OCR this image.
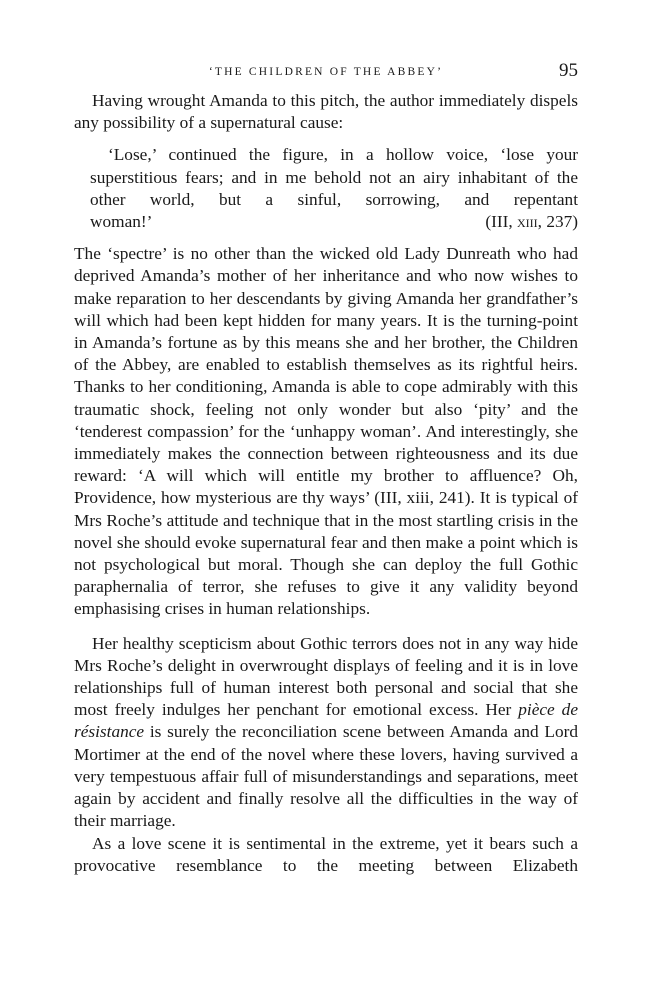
‘THE CHILDREN OF THE ABBEY’	95

Having wrought Amanda to this pitch, the author immediately dispels any possibility of a supernatural cause:

‘Lose,’ continued the figure, in a hollow voice, ‘lose your superstitious fears; and in me behold not an airy inhabitant of the other world, but a sinful, sorrowing, and repentant

woman!’	(III, xiii, 237)

The ‘spectre’ is no other than the wicked old Lady Dunreath who had deprived Amanda’s mother of her inheritance and who now wishes to make reparation to her descendants by giving Amanda her grandfather’s will which had been kept hidden for many years. It is the turning-point in Amanda’s fortune as by this means she and her brother, the Children of the Abbey, are enabled to establish themselves as its rightful heirs. Thanks to her conditioning, Amanda is able to cope admirably with this traumatic shock, feeling not only wonder but also ‘pity’ and the ‘tenderest compassion’ for the ‘unhappy woman’. And interestingly, she immediately makes the connection between righteousness and its due reward: ‘A will which will entitle my brother to affluence? Oh, Providence, how mysterious are thy ways’ (III, xiii, 241). It is typical of Mrs Roche’s attitude and technique that in the most startling crisis in the novel she should evoke supernatural fear and then make a point which is not psychological but moral. Though she can deploy the full Gothic paraphernalia of terror, she refuses to give it any validity beyond emphasising crises in human relationships.

Her healthy scepticism about Gothic terrors does not in any way hide Mrs Roche’s delight in overwrought displays of feeling and it is in love relationships full of human interest both personal and social that she most freely indulges her penchant for emotional excess. Her pièce de résistance is surely the reconciliation scene between Amanda and Lord Mortimer at the end of the novel where these lovers, having survived a very tempestuous affair full of misunderstandings and separations, meet again by accident and finally resolve all the difficulties in the way of their marriage.

As a love scene it is sentimental in the extreme, yet it bears such a provocative resemblance to the meeting between Elizabeth
